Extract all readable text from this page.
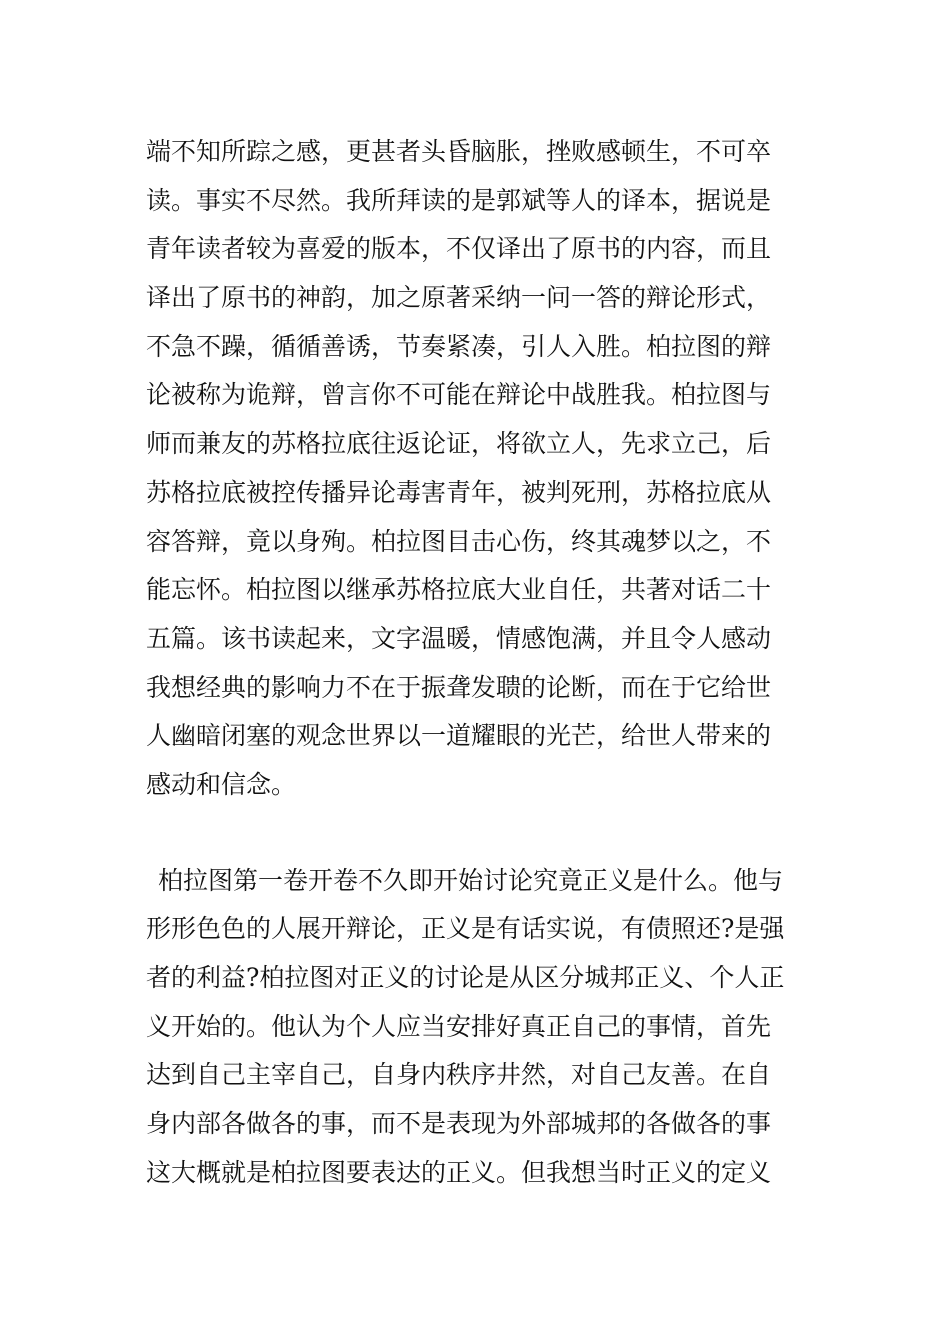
端不知所踪之感，更甚者头昏脑胀，挫败感顿生，不可卒
读。事实不尽然。我所拜读的是郭斌等人的译本，据说是
青年读者较为喜爱的版本，不仅译出了原书的内容，而且
译出了原书的神韵，加之原著采纳一问一答的辩论形式，
不急不躁，循循善诱，节奏紧凑，引人入胜。柏拉图的辩
论被称为诡辩，曾言你不可能在辩论中战胜我。柏拉图与
师而兼友的苏格拉底往返论证，将欲立人，先求立己，后
苏格拉底被控传播异论毒害青年，被判死刑，苏格拉底从
容答辩，竟以身殉。柏拉图目击心伤，终其魂梦以之，不
能忘怀。柏拉图以继承苏格拉底大业自任，共著对话二十
五篇。该书读起来，文字温暖，情感饱满，并且令人感动
我想经典的影响力不在于振聋发聩的论断，而在于它给世
人幽暗闭塞的观念世界以一道耀眼的光芒，给世人带来的
感动和信念。
柏拉图第一卷开卷不久即开始讨论究竟正义是什么。他与
形形色色的人展开辩论，正义是有话实说，有债照还?是强
者的利益?柏拉图对正义的讨论是从区分城邦正义、个人正
义开始的。他认为个人应当安排好真正自己的事情，首先
达到自己主宰自己，自身内秩序井然，对自己友善。在自
身内部各做各的事，而不是表现为外部城邦的各做各的事
这大概就是柏拉图要表达的正义。但我想当时正义的定义
